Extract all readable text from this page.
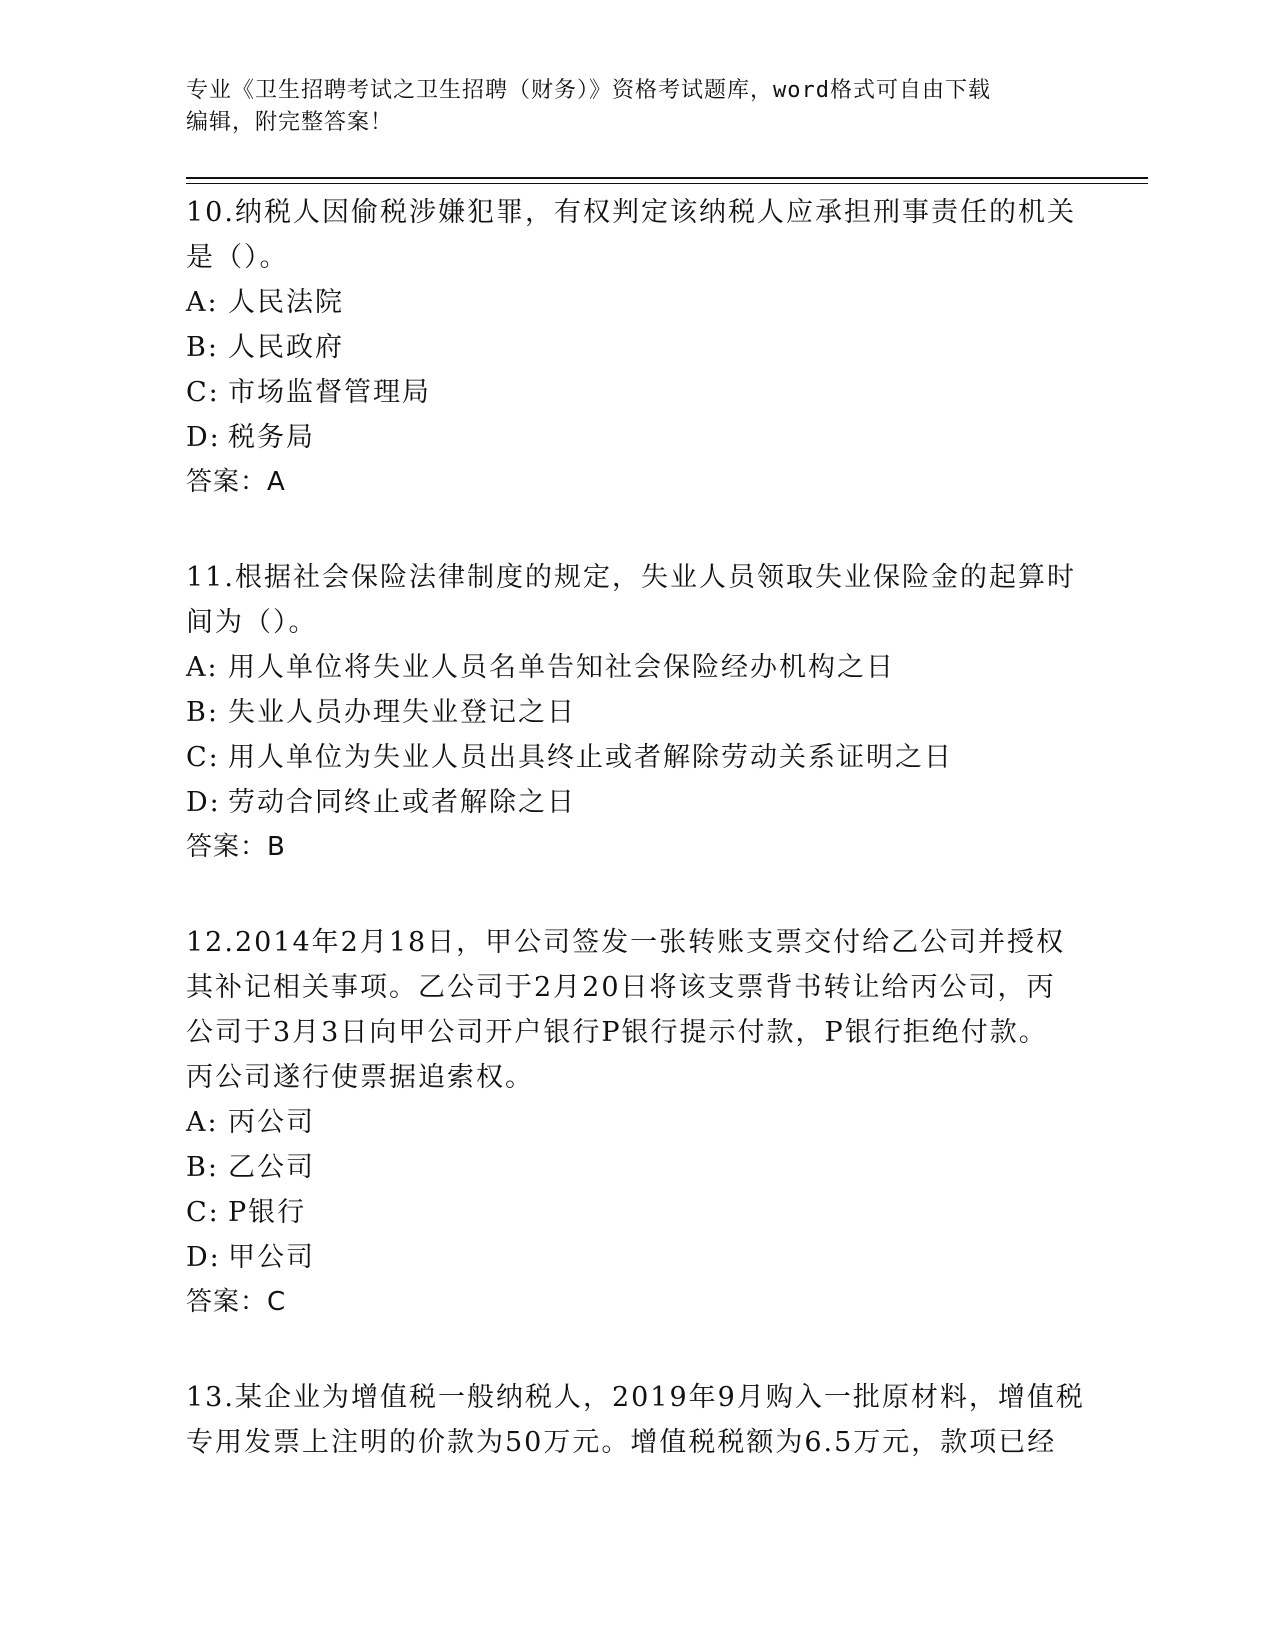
专业《卫生招聘考试之卫生招聘（财务）》资格考试题库，word格式可自由下载
编辑，附完整答案！
10.纳税人因偷税涉嫌犯罪，有权判定该纳税人应承担刑事责任的机关
是（）。
A: 人民法院
B: 人民政府
C: 市场监督管理局
D: 税务局
答案：A
11.根据社会保险法律制度的规定，失业人员领取失业保险金的起算时
间为（）。
A: 用人单位将失业人员名单告知社会保险经办机构之日
B: 失业人员办理失业登记之日
C: 用人单位为失业人员出具终止或者解除劳动关系证明之日
D: 劳动合同终止或者解除之日
答案：B
12.2014年2月18日，甲公司签发一张转账支票交付给乙公司并授权
其补记相关事项。乙公司于2月20日将该支票背书转让给丙公司，丙
公司于3月3日向甲公司开户银行P银行提示付款，P银行拒绝付款。
丙公司遂行使票据追索权。
A: 丙公司
B: 乙公司
C: P银行
D: 甲公司
答案：C
13.某企业为增值税一般纳税人，2019年9月购入一批原材料，增值税
专用发票上注明的价款为50万元。增值税税额为6.5万元，款项已经
